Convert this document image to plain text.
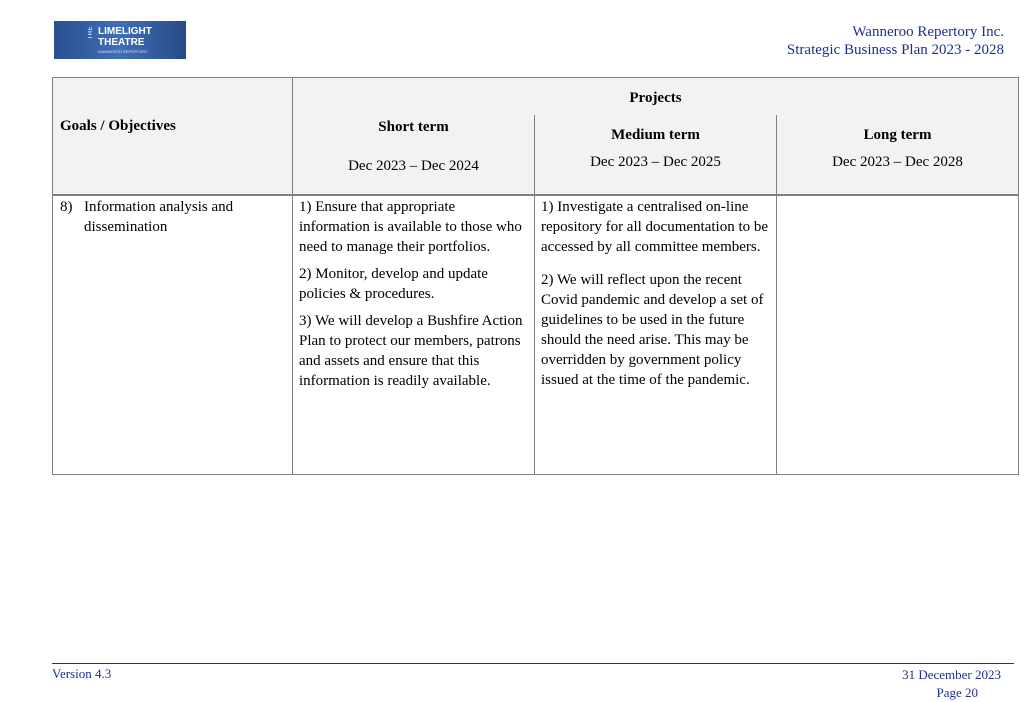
THE LIMELIGHT
THEATRE
WANNEROO REPERTORY
Wanneroo Repertory Inc.
Strategic Business Plan 2023 - 2028
Goals / Objectives
Projects
Short term
Dec 2023 – Dec 2024
Medium term
Dec 2023 – Dec 2025
Long term
Dec 2023 – Dec 2028
8) Information analysis and dissemination

1) Ensure that appropriate information is available to those who need to manage their portfolios.

2) Monitor, develop and update policies & procedures.

3) We will develop a Bushfire Action Plan to protect our members, patrons and assets and ensure that this information is readily available.

1) Investigate a centralised on-line repository for all documentation to be accessed by all committee members.

2) We will reflect upon the recent Covid pandemic and develop a set of guidelines to be used in the future should the need arise. This may be overridden by government policy issued at the time of the pandemic.

Version 4.3	31 December 2023
Page 20
